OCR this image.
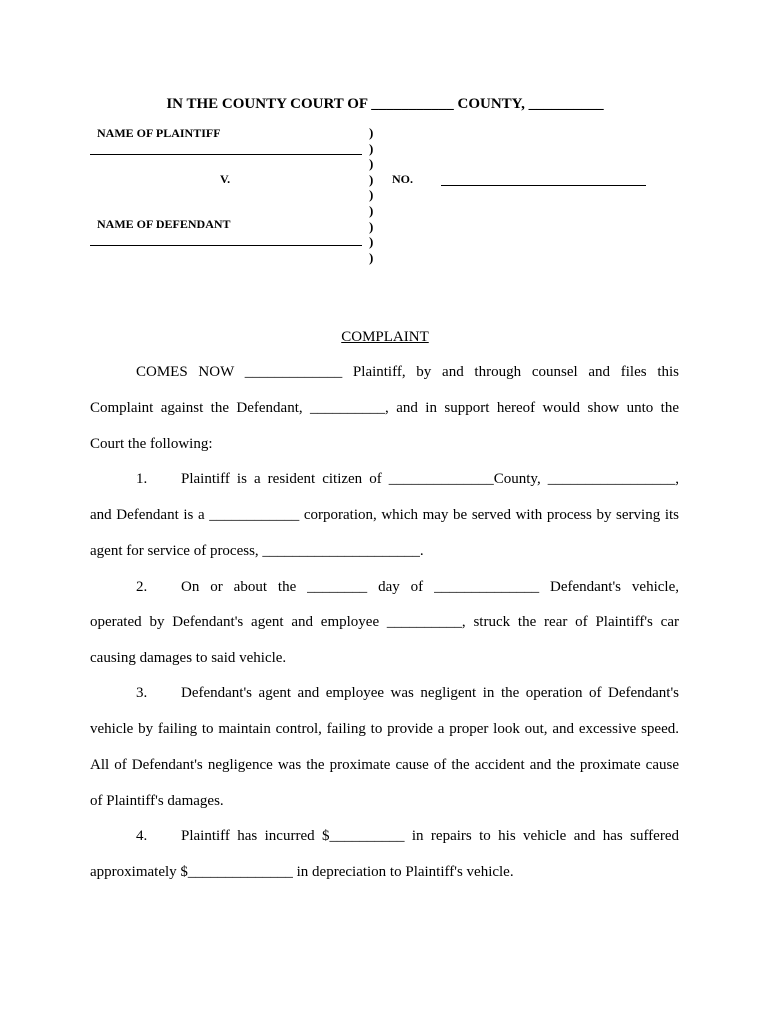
IN THE COUNTY COURT OF ___________ COUNTY, __________
NAME OF PLAINTIFF
V.
NAME OF DEFENDANT
)
)
)
)
)
)
)
)
)
NO.
COMPLAINT
COMES NOW _____________ Plaintiff, by and through counsel and files this
Complaint against the Defendant, __________, and in support hereof would show unto the
Court the following:
1. Plaintiff is a resident citizen of ______________County, _________________,
and Defendant is a ____________ corporation, which may be served with process by serving its
agent for service of process, _____________________.
2. On or about the ________ day of ______________ Defendant's vehicle,
operated by Defendant's agent and employee __________, struck the rear of Plaintiff's car
causing damages to said vehicle.
3. Defendant's agent and employee was negligent in the operation of Defendant's
vehicle by failing to maintain control, failing to provide a proper look out, and excessive speed.
All of Defendant's negligence was the proximate cause of the accident and the proximate cause
of Plaintiff's damages.
4. Plaintiff has incurred $__________ in repairs to his vehicle and has suffered
approximately $______________ in depreciation to Plaintiff's vehicle.
